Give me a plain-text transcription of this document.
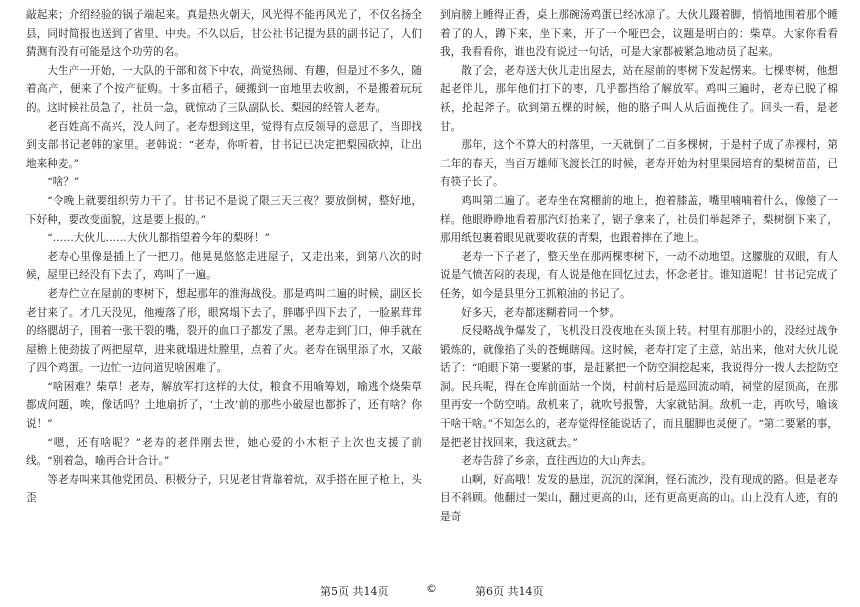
敲起来；介绍经验的锅子端起来。真是热火朝天，风光得不能再风光了，不仅名扬全县，同时简报也送到了省里、中央。不久以后，甘公社书记提为县的副书记了，人们猜测有没有可能是这个功劳的名。

大生产一开始，一大队的干部和贫下中农，尚觉热闹、有趣，但是过不多久，随着高产，便来了个按产征购。十多亩稻子，硬搬到一亩地里去收割，不是搬着玩玩的。这时候社员急了，社员一急，就惊动了三队副队长、梨园的经管人老寿。

老百姓高不高兴，没人问了。老寿想到这里，觉得有点反领导的意思了，当即找到支部书记老韩的家里。老韩说：“老寿，你听着，甘书记已决定把梨园砍掉，让出地来种麦。”

“啥？”

“令晚上就要组织劳力干了。甘书记不是说了限三天三夜？要放倒树，整好地，下好种，要改变面貌，这是要上报的。”

“……大伙儿……大伙儿都指望着今年的梨呀！”

老寿心里像是插上了一把刀。他晃晃悠悠走进屋子，又走出来，到第八次的时候，屋里已经没有下去了，鸡叫了一遍。

老寿伫立在屋前的枣树下，想起那年的淮海战役。那是鸡叫二遍的时候，副区长老甘来了。才几天没见，他瘦落了形，眼窝塌下去了，胖嘟乎四下去了，一脸累茸茸的络腮胡子，围着一张干裂的嘴，裂开的血口子都发了黑。老寿走到门口，伸手就在屋檐上使劲拔了两把屋草，进来就塌进灶膛里，点着了火。老寿在锅里添了水，又敲了四个鸡蛋。一边忙一边问道児啥困难了。

“啥困难？柴草！老寿，解放军打这样的大仗，粮食不用喻筹划，喻逃个烧柴草都成问题，唉，像话吗？土地扇折了，‘土改’前的那些小破屋也都拆了，还有啥？你说！”

“嗯，还有啥呢？”老寿的老伴刚去世，她心爱的小木柜子上次也支援了前线。“别着急，喻再合计合计。”

等老寿叫来其他党团员、积极分子，只见老甘背靠着炕，双手搭在匣子枪上，头歪

到肩膀上睡得正香，桌上那碗汤鸡蛋已经冰凉了。大伙儿蹑着脚，悄悄地围着那个睡着了的人，蹲下来，坐下来，开了一个哑巴会，议题是明白的：柴草。大家你看看我，我看看你，谁也没有说过一句话，可是大家都被紧急地动员了起来。

散了会，老寿送大伙儿走出屋去，站在屋前的枣树下发起愣来。七棵枣树，他想起老伴儿，那年他们打下的枣，几乎都挡给了解放军。鸡叫三遍时，老寿已脱了棉袄，抡起斧子。砍到第五棵的时候，他的胳子叫人从后面挽住了。回头一看，是老甘。

那年，这个不算大的村落里，一天就倒了二百多棵树，于是村子成了赤裸村，第二年的春天，当百万雄师飞渡长江的时候，老寿开始为村里果园培育的梨树苗苗，已有筷子长了。

鸡叫第二遍了。老寿坐在窝棚前的地上，抱着膝盖，嘴里喃喃着什么，像傻了一样。他眼睁睁地看着那汽灯抬来了，锯子拿来了，社员们举起斧子，梨树倒下来了，那用纸包裹着眼见就要收获的青梨，也跟着摔在了地上。

老寿一下子老了，整天坐在那两棵枣树下，一动不动地望。这朦胧的双眼，有人说是气愤苦闷的表现，有人说是他在回忆过去，怀念老甘。谁知道呢！甘书记完成了任务，如今是县里分工抓粮油的书记了。

好多天，老寿都迷糊着同一个梦。

反侵略战争爆发了，飞机没日没夜地在头顶上转。村里有那胆小的，没经过战争锻炼的，就像掐了头的苍蝇瞎闯。这时候，老寿打定了主意，站出来，他对大伙儿说话了：“咱眼下第一要紧的事，是赶紧把一个防空洞挖起来，我说得分一拨人去挖防空洞。民兵呢，得在仓库前面站一个岗，村前村后是巡回流动哨，祠堂的屋顶高，在那里再安一个防空哨。敌机来了，就吹号报警，大家就钻洞。敌机一走，再吹号，喻该干啥干啥。”不知怎么的，老寿觉得怪能说话了，而且腿脚也灵便了。“第二要紧的事，是把老甘找回来，我这就去。”

老寿告辞了乡亲，直往西边的大山奔去。

山啊，好高哦！发发的悬崖，沉沉的深涧，怪石流沙，没有现成的路。但是老寿目不斜顾。他翻过一架山，翻过更高的山，还有更高更高的山。山上没有人迹，有的是奇

第5页 共14页	©	第6页 共14页
